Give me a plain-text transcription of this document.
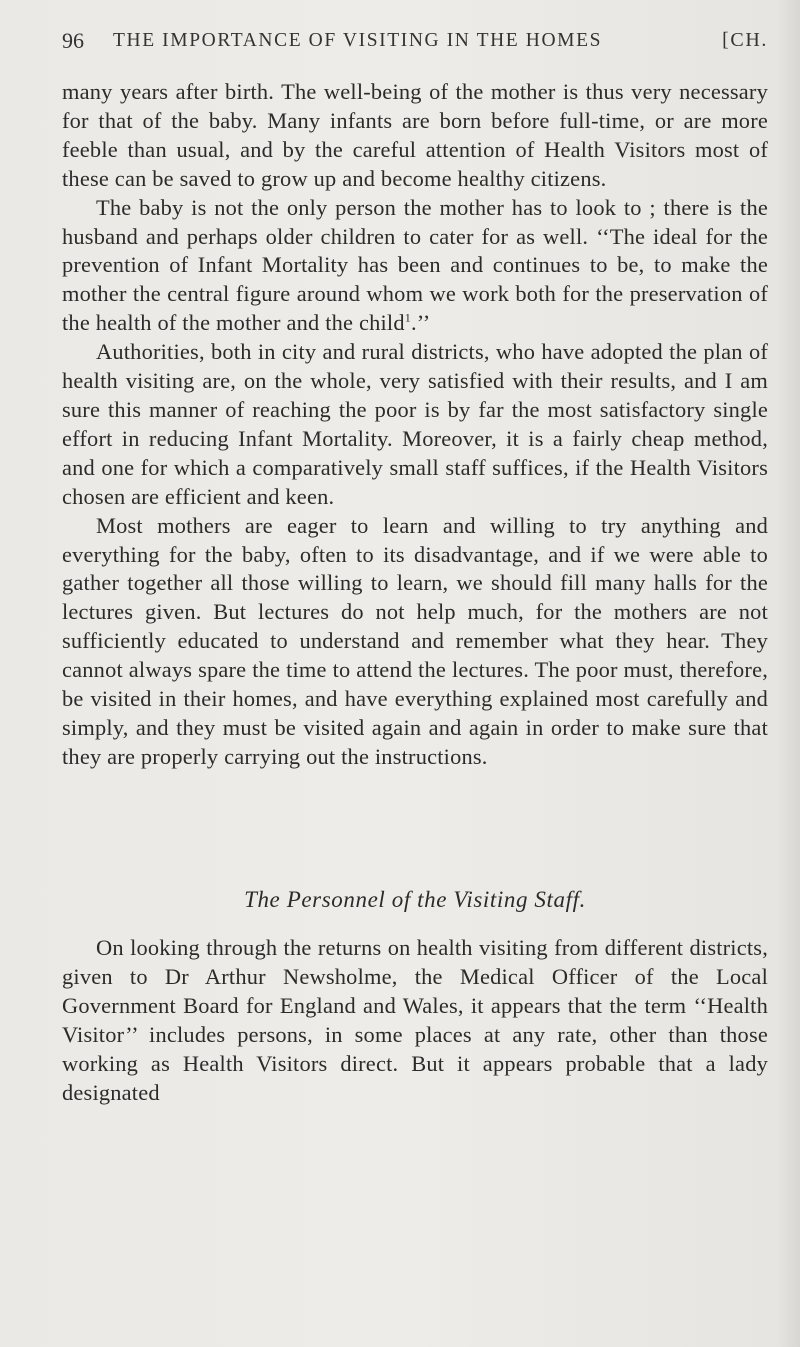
96 THE IMPORTANCE OF VISITING IN THE HOMES	[CH.

many years after birth. The well-being of the mother is thus very necessary for that of the baby. Many infants are born before full-time, or are more feeble than usual, and by the careful attention of Health Visitors most of these can be saved to grow up and become healthy citizens.

The baby is not the only person the mother has to look to ; there is the husband and perhaps older children to cater for as well. ‘‘The ideal for the prevention of Infant Mortality has been and continues to be, to make the mother the central figure around whom we work both for the preservation of the health of the mother and the child$^1$.’’

Authorities, both in city and rural districts, who have adopted the plan of health visiting are, on the whole, very satisfied with their results, and I am sure this manner of reaching the poor is by far the most satisfactory single effort in reducing Infant Mortality. Moreover, it is a fairly cheap method, and one for which a comparatively small staff suffices, if the Health Visitors chosen are efficient and keen.

Most mothers are eager to learn and willing to try anything and everything for the baby, often to its disadvantage, and if we were able to gather together all those willing to learn, we should fill many halls for the lectures given. But lectures do not help much, for the mothers are not sufficiently educated to understand and remember what they hear. They cannot always spare the time to attend the lectures. The poor must, therefore, be visited in their homes, and have everything explained most carefully and simply, and they must be visited again and again in order to make sure that they are properly carrying out the instructions.

The Personnel of the Visiting Staff.

On looking through the returns on health visiting from different districts, given to Dr Arthur Newsholme, the Medical Officer of the Local Government Board for England and Wales, it appears that the term ‘‘Health Visitor’’ includes persons, in some places at any rate, other than those working as Health Visitors direct. But it appears probable that a lady designated
